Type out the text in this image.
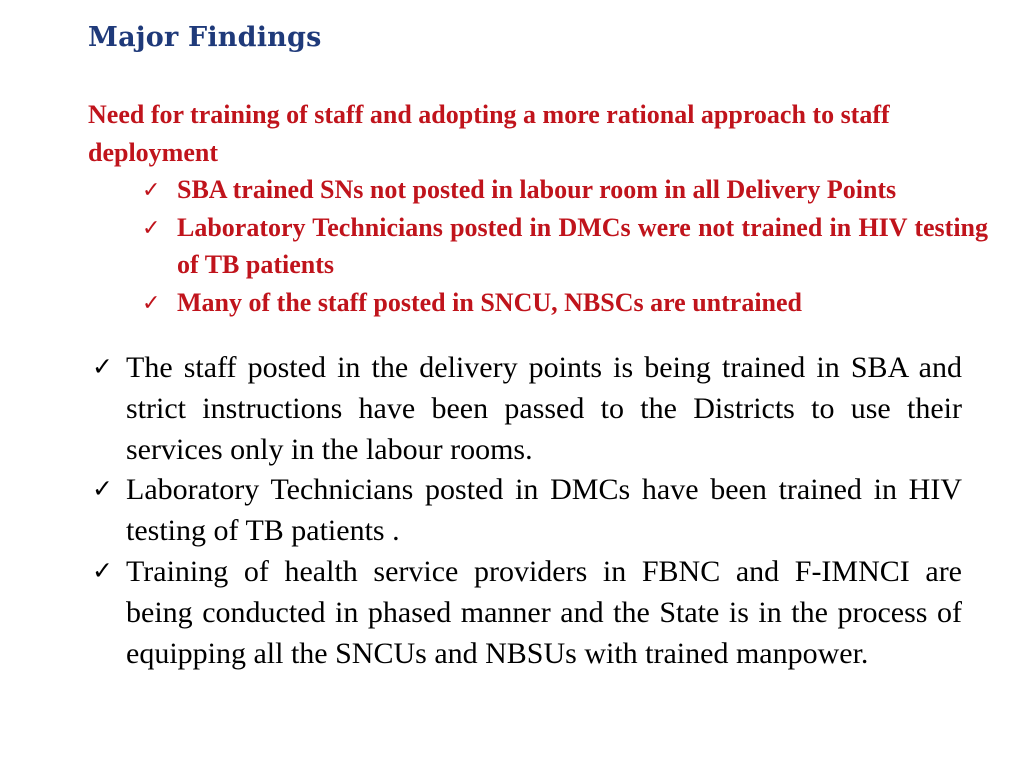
Major Findings

Need for training of staff and adopting a more rational approach to staff deployment

✓ SBA trained SNs not posted in labour room in all Delivery Points
✓ Laboratory Technicians posted in DMCs were not trained in HIV testing of TB patients
✓ Many of the staff posted in SNCU, NBSCs are untrained
✓ The staff posted in the delivery points is being trained in SBA and strict instructions have been passed to the Districts to use their services only in the labour rooms.
✓ Laboratory Technicians posted in DMCs have been trained in HIV testing of TB patients .
✓ Training of health service providers in FBNC and F-IMNCI are being conducted in phased manner and the State is in the process of equipping all the SNCUs and NBSUs with trained manpower.
